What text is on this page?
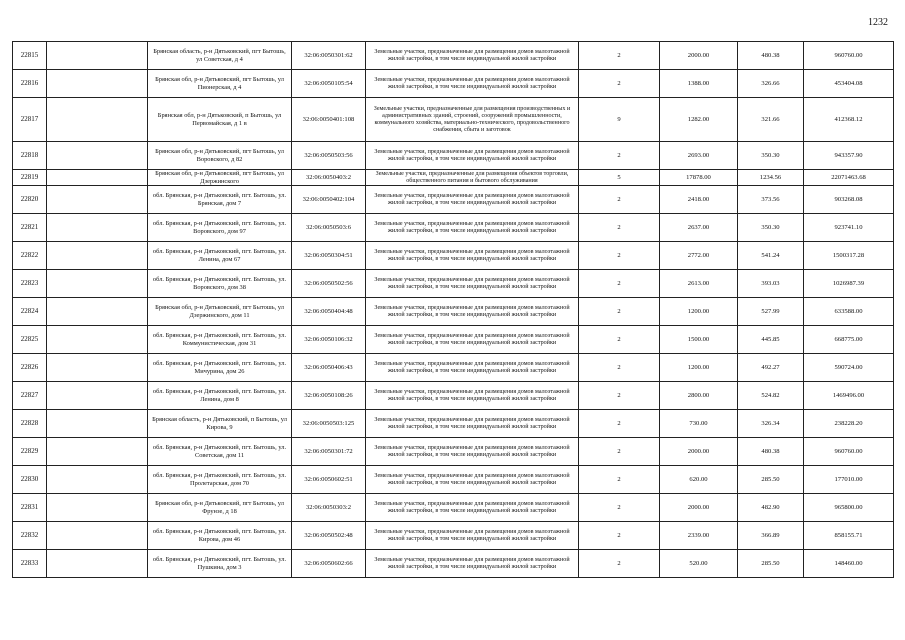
1232
22815		Брянская область, р-н Дятьковский, пгт Бытошь, ул Советская, д 4	32:06:0050301:62	Земельные участки, предназначенные для размещения домов малоэтажной жилой застройки, в том числе индивидуальной жилой застройки	2	2000.00	480.38	960760.00
22816		Брянская обл, р-н Дятьковский, пгт Бытошь, ул Пионерская, д 4	32:06:0050105:54	Земельные участки, предназначенные для размещения домов малоэтажной жилой застройки, в том числе индивидуальной жилой застройки	2	1388.00	326.66	453404.08
22817		Брянская обл, р-н Дятьковский, п Бытошь, ул Первомайская, д 1 в	32:06:0050401:108	Земельные участки, предназначенные для размещения производственных и административных зданий, строений, сооружений промышленности, коммунального хозяйства, материально-технического, продовольственного снабжения, сбыта и заготовок	9	1282.00	321.66	412368.12
22818		Брянская обл, р-н Дятьковский, пгт Бытошь, ул Воровского, д 82	32:06:0050503:56	Земельные участки, предназначенные для размещения домов малоэтажной жилой застройки, в том числе индивидуальной жилой застройки	2	2693.00	350.30	943357.90
22819		Брянская обл, р-н Дятьковский, пгт Бытошь, ул Дзержинского	32:06:0050403:2	Земельные участки, предназначенные для размещения объектов торговли, общественного питания и бытового обслуживания	5	17878.00	1234.56	22071463.68
22820		обл. Брянская, р-н Дятьковский, пгт. Бытошь, ул. Брянская, дом 7	32:06:0050402:104	Земельные участки, предназначенные для размещения домов малоэтажной жилой застройки, в том числе индивидуальной жилой застройки	2	2418.00	373.56	903268.08
22821		обл. Брянская, р-н Дятьковский, пгт. Бытошь, ул. Воровского, дом 97	32:06:0050503:6	Земельные участки, предназначенные для размещения домов малоэтажной жилой застройки, в том числе индивидуальной жилой застройки	2	2637.00	350.30	923741.10
22822		обл. Брянская, р-н Дятьковский, пгт. Бытошь, ул. Ленина, дом 67	32:06:0050304:51	Земельные участки, предназначенные для размещения домов малоэтажной жилой застройки, в том числе индивидуальной жилой застройки	2	2772.00	541.24	1500317.28
22823		обл. Брянская, р-н Дятьковский, пгт. Бытошь, ул. Воровского, дом 38	32:06:0050502:56	Земельные участки, предназначенные для размещения домов малоэтажной жилой застройки, в том числе индивидуальной жилой застройки	2	2613.00	393.03	1026987.39
22824		Брянская обл, р-н Дятьковский, пгт Бытошь, ул Дзержинского, дом 11	32:06:0050404:48	Земельные участки, предназначенные для размещения домов малоэтажной жилой застройки, в том числе индивидуальной жилой застройки	2	1200.00	527.99	633588.00
22825		обл. Брянская, р-н Дятьковский, пгт. Бытошь, ул. Коммунистическая, дом 31	32:06:0050106:32	Земельные участки, предназначенные для размещения домов малоэтажной жилой застройки, в том числе индивидуальной жилой застройки	2	1500.00	445.85	668775.00
22826		обл. Брянская, р-н Дятьковский, пгт. Бытошь, ул. Мичурина, дом 26	32:06:0050406:43	Земельные участки, предназначенные для размещения домов малоэтажной жилой застройки, в том числе индивидуальной жилой застройки	2	1200.00	492.27	590724.00
22827		обл. Брянская, р-н Дятьковский, пгт. Бытошь, ул. Ленина, дом 8	32:06:0050108:26	Земельные участки, предназначенные для размещения домов малоэтажной жилой застройки, в том числе индивидуальной жилой застройки	2	2800.00	524.82	1469496.00
22828		Брянская область, р-н Дятьковский, п Бытошь, ул Кирова, 9	32:06:0050503:125	Земельные участки, предназначенные для размещения домов малоэтажной жилой застройки, в том числе индивидуальной жилой застройки	2	730.00	326.34	238228.20
22829		обл. Брянская, р-н Дятьковский, пгт. Бытошь, ул. Советская, дом 11	32:06:0050301:72	Земельные участки, предназначенные для размещения домов малоэтажной жилой застройки, в том числе индивидуальной жилой застройки	2	2000.00	480.38	960760.00
22830		обл. Брянская, р-н Дятьковский, пгт. Бытошь, ул. Пролетарская, дом 70	32:06:0050602:51	Земельные участки, предназначенные для размещения домов малоэтажной жилой застройки, в том числе индивидуальной жилой застройки	2	620.00	285.50	177010.00
22831		Брянская обл, р-н Дятьковский, пгт Бытошь, ул Фрунзе, д 18	32:06:0050303:2	Земельные участки, предназначенные для размещения домов малоэтажной жилой застройки, в том числе индивидуальной жилой застройки	2	2000.00	482.90	965800.00
22832		обл. Брянская, р-н Дятьковский, пгт. Бытошь, ул. Кирова, дом 46	32:06:0050502:48	Земельные участки, предназначенные для размещения домов малоэтажной жилой застройки, в том числе индивидуальной жилой застройки	2	2339.00	366.89	858155.71
22833		обл. Брянская, р-н Дятьковский, пгт. Бытошь, ул. Пушкина, дом 3	32:06:0050602:66	Земельные участки, предназначенные для размещения домов малоэтажной жилой застройки, в том числе индивидуальной жилой застройки	2	520.00	285.50	148460.00
